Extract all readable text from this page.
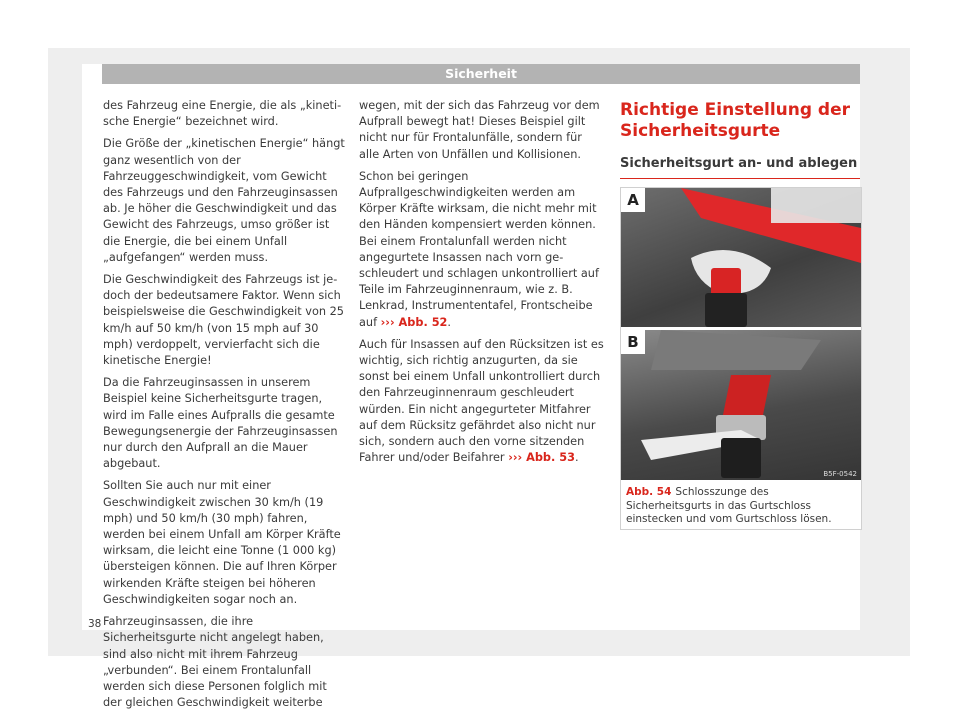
Sicherheit

des Fahrzeug eine Energie, die als „kinetische Energie“ bezeichnet wird.

Die Größe der „kinetischen Energie“ hängt ganz wesentlich von der Fahrzeuggeschwindigkeit, vom Gewicht des Fahrzeugs und den Fahrzeuginsassen ab. Je höher die Geschwindigkeit und das Gewicht des Fahrzeugs, umso größer ist die Energie, die bei einem Unfall „aufgefangen“ werden muss.

Die Geschwindigkeit des Fahrzeugs ist jedoch der bedeutsamere Faktor. Wenn sich beispielsweise die Geschwindigkeit von 25 km/h auf 50 km/h (von 15 mph auf 30 mph) verdoppelt, vervierfacht sich die kinetische Energie!

Da die Fahrzeuginsassen in unserem Beispiel keine Sicherheitsgurte tragen, wird im Falle eines Aufpralls die gesamte Bewegungsenergie der Fahrzeuginsassen nur durch den Aufprall an die Mauer abgebaut.

Sollten Sie auch nur mit einer Geschwindigkeit zwischen 30 km/h (19 mph) und 50 km/h (30 mph) fahren, werden bei einem Unfall am Körper Kräfte wirksam, die leicht eine Tonne (1 000 kg) übersteigen können. Die auf Ihren Körper wirkenden Kräfte steigen bei höheren Geschwindigkeiten sogar noch an.

Fahrzeuginsassen, die ihre Sicherheitsgurte nicht angelegt haben, sind also nicht mit ihrem Fahrzeug „verbunden“. Bei einem Frontalunfall werden sich diese Personen folglich mit der gleichen Geschwindigkeit weiterbe

wegen, mit der sich das Fahrzeug vor dem Aufprall bewegt hat! Dieses Beispiel gilt nicht nur für Frontalunfälle, sondern für alle Arten von Unfällen und Kollisionen.

Schon bei geringen Aufprallgeschwindigkeiten werden am Körper Kräfte wirksam, die nicht mehr mit den Händen kompensiert werden können. Bei einem Frontalunfall werden nicht angegurtete Insassen nach vorn geschleudert und schlagen unkontrolliert auf Teile im Fahrzeuginnenraum, wie z. B. Lenkrad, Instrumententafel, Frontscheibe auf ››› Abb. 52.

Auch für Insassen auf den Rücksitzen ist es wichtig, sich richtig anzugurten, da sie sonst bei einem Unfall unkontrolliert durch den Fahrzeuginnenraum geschleudert würden. Ein nicht angegurteter Mitfahrer auf dem Rücksitz gefährdet also nicht nur sich, sondern auch den vorne sitzenden Fahrer und/oder Beifahrer ››› Abb. 53.

Richtige Einstellung der Sicherheitsgurte
Sicherheitsgurt an- und ablegen
A
B
B5F-0542
Abb. 54 Schlosszunge des Sicherheitsgurts in das Gurtschloss einstecken und vom Gurtschloss lösen.
38
